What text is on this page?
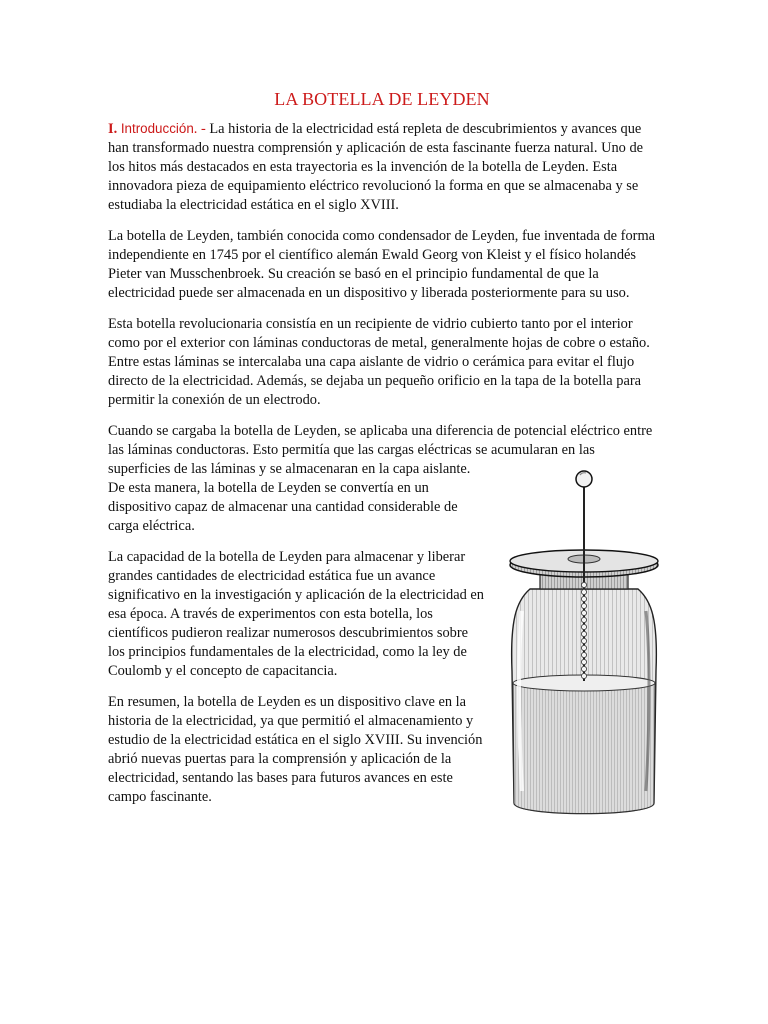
LA BOTELLA DE LEYDEN

I. Introducción. - La historia de la electricidad está repleta de descubrimientos y avances que han transformado nuestra comprensión y aplicación de esta fascinante fuerza natural. Uno de los hitos más destacados en esta trayectoria es la invención de la botella de Leyden. Esta innovadora pieza de equipamiento eléctrico revolucionó la forma en que se almacenaba y se estudiaba la electricidad estática en el siglo XVIII.

La botella de Leyden, también conocida como condensador de Leyden, fue inventada de forma independiente en 1745 por el científico alemán Ewald Georg von Kleist y el físico holandés Pieter van Musschenbroek. Su creación se basó en el principio fundamental de que la electricidad puede ser almacenada en un dispositivo y liberada posteriormente para su uso.

Esta botella revolucionaria consistía en un recipiente de vidrio cubierto tanto por el interior como por el exterior con láminas conductoras de metal, generalmente hojas de cobre o estaño. Entre estas láminas se intercalaba una capa aislante de vidrio o cerámica para evitar el flujo directo de la electricidad. Además, se dejaba un pequeño orificio en la tapa de la botella para permitir la conexión de un electrodo.

Cuando se cargaba la botella de Leyden, se aplicaba una diferencia de potencial eléctrico entre las láminas conductoras. Esto permitía que las cargas eléctricas se acumularan en las

superficies de las láminas y se almacenaran en la capa aislante. De esta manera, la botella de Leyden se convertía en un dispositivo capaz de almacenar una cantidad considerable de carga eléctrica.

La capacidad de la botella de Leyden para almacenar y liberar grandes cantidades de electricidad estática fue un avance significativo en la investigación y aplicación de la electricidad en esa época. A través de experimentos con esta botella, los científicos pudieron realizar numerosos descubrimientos sobre los principios fundamentales de la electricidad, como la ley de Coulomb y el concepto de capacitancia.

En resumen, la botella de Leyden es un dispositivo clave en la historia de la electricidad, ya que permitió el almacenamiento y estudio de la electricidad estática en el siglo XVIII. Su invención abrió nuevas puertas para la comprensión y aplicación de la electricidad, sentando las bases para futuros avances en este campo fascinante.
